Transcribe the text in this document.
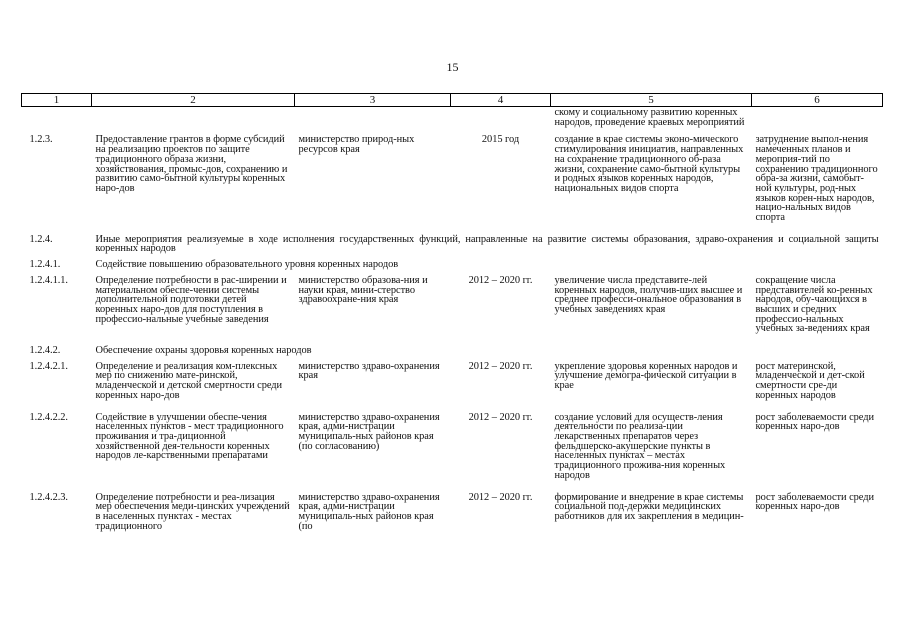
15
1	2	3	4	5	6
				скому и социальному развитию коренных народов, проведение краевых мероприятий	
1.2.3.	Предоставление грантов в форме субсидий на реализацию проектов по защите традиционного образа жизни, хозяйствования, промыс-дов, сохранению и развитию само-бытной культуры коренных наро-дов	министерство природ-ных ресурсов края	2015 год	создание в крае системы эконо-мического стимулирования инициатив, направленных на сохранение традиционного об-раза жизни, сохранение само-бытной культуры и родных языков коренных народов, национальных видов спорта	затруднение выпол-нения намеченных планов и мероприя-тий по сохранению традиционного обра-за жизни, самобыт-ной культуры, род-ных языков корен-ных народов, нацио-нальных видов спорта
1.2.4.	Иные мероприятия реализуемые в ходе исполнения государственных функций, направленные на развитие системы образования, здраво-охранения и социальной защиты коренных народов				
1.2.4.1.	Содействие повышению образовательного уровня коренных народов				
1.2.4.1.1.	Определение потребности в рас-ширении и материальном обеспе-чении системы дополнительной подготовки детей коренных наро-дов для поступления в профессио-нальные учебные заведения	министерство образова-ния и науки края, мини-стерство здравоохране-ния края	2012 – 2020 гг.	увеличение числа представите-лей коренных народов, получив-ших высшее и среднее професси-ональное образования в учебных заведениях края	сокращение числа представителей ко-ренных народов, обу-чающихся в высших и средних профессио-нальных учебных за-ведениях края
1.2.4.2.	Обеспечение охраны здоровья коренных народов				
1.2.4.2.1.	Определение и реализация ком-плексных мер по снижению мате-ринской, младенческой и детской смертности среди коренных наро-дов	министерство здраво-охранения края	2012 – 2020 гг.	укрепление здоровья коренных народов и улучшение демогра-фической ситуации в крае	рост материнской, младенческой и дет-ской смертности сре-ди коренных народов
1.2.4.2.2.	Содействие в улучшении обеспе-чения населенных пунктов - мест традиционного проживания и тра-диционной хозяйственной дея-тельности коренных народов ле-карственными препаратами	министерство здраво-охранения края, адми-нистрации муниципаль-ных районов края (по согласованию)	2012 – 2020 гг.	создание условий для осуществ-ления деятельности по реализа-ции лекарственных препаратов через фельдшерско-акушерские пункты в населенных пунктах – местах традиционного прожива-ния коренных народов	рост заболеваемости среди коренных наро-дов
1.2.4.2.3.	Определение потребности и реа-лизация мер обеспечения меди-цинских учреждений в населенных пунктах - местах традиционного	министерство здраво-охранения края, адми-нистрации муниципаль-ных районов края (по	2012 – 2020 гг.	формирование и внедрение в крае системы социальной под-держки медицинских работников для их закрепления в медицин-	рост заболеваемости среди коренных наро-дов
